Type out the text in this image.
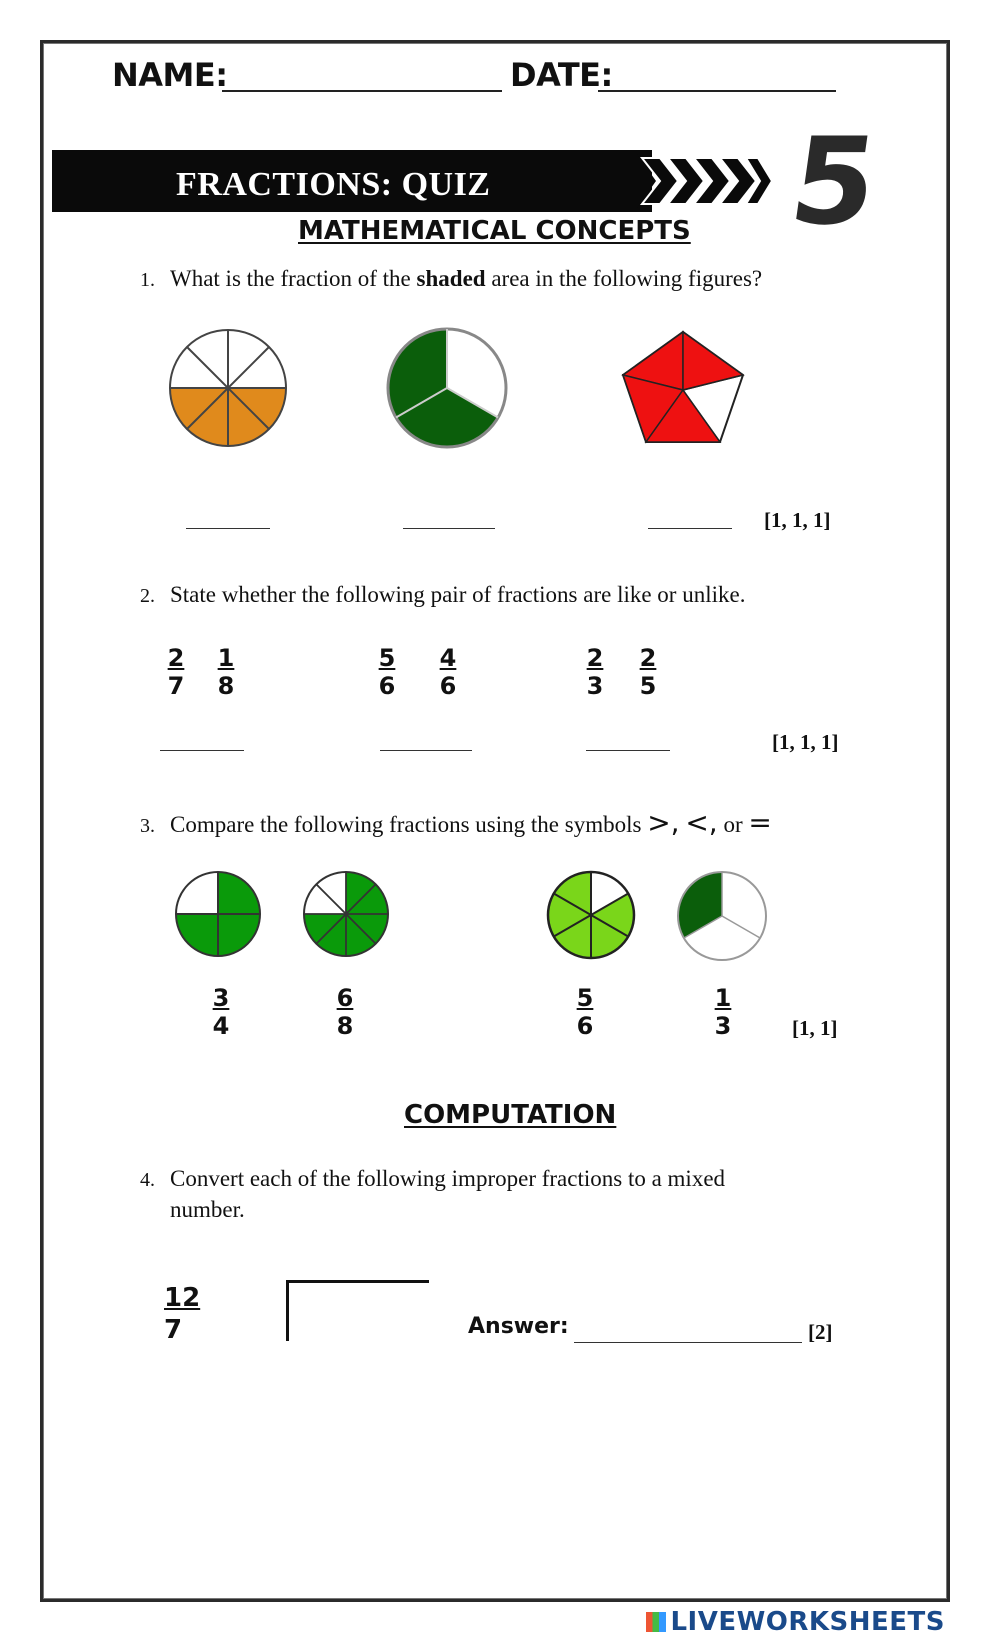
NAME:	DATE:
FRACTIONS: QUIZ 5
MATHEMATICAL CONCEPTS
1. What is the fraction of the shaded area in the following figures?
[1, 1, 1]
2. State whether the following pair of fractions are like or unlike.
$\frac{2}{7} \frac{1}{8}$	$\frac{5}{6} \frac{4}{6}$	$\frac{2}{3} \frac{2}{5}$
[1, 1, 1]
3. Compare the following fractions using the symbols >, <, or =
$\frac{3}{4}$	$\frac{6}{8}$	$\frac{5}{6}$	$\frac{1}{3}$	[1, 1]
COMPUTATION
4. Convert each of the following improper fractions to a mixed
number.
$\frac{12}{7}$	Answer:	[2]
LIVEWORKSHEETS
